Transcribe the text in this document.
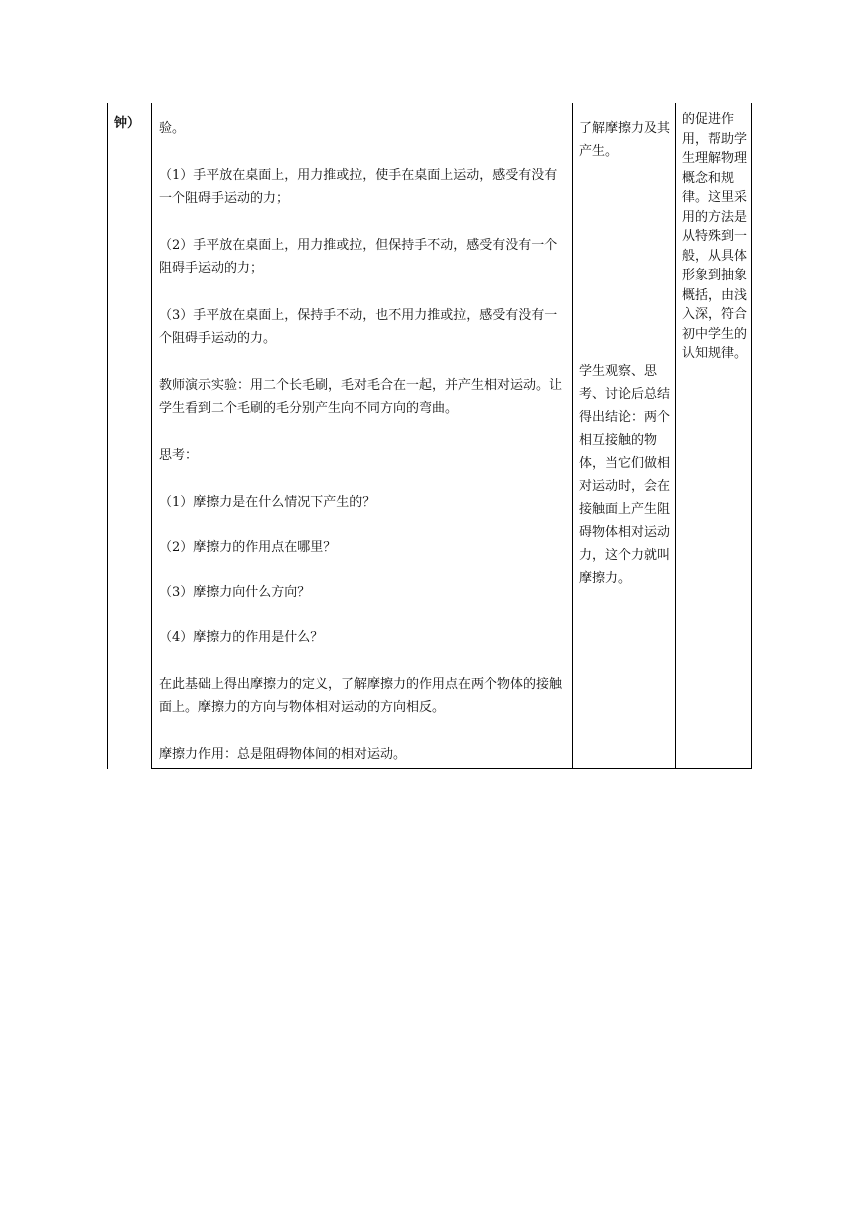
钟）	验。

（1）手平放在桌面上，用力推或拉，使手在桌面上运动，感受有没有一个阻碍手运动的力；

（2）手平放在桌面上，用力推或拉，但保持手不动，感受有没有一个阻碍手运动的力；

（3）手平放在桌面上，保持手不动，也不用力推或拉，感受有没有一个阻碍手运动的力。

教师演示实验：用二个长毛刷，毛对毛合在一起，并产生相对运动。让学生看到二个毛刷的毛分别产生向不同方向的弯曲。

思考：

（1）摩擦力是在什么情况下产生的？

（2）摩擦力的作用点在哪里？

（3）摩擦力向什么方向？

（4）摩擦力的作用是什么？

在此基础上得出摩擦力的定义，了解摩擦力的作用点在两个物体的接触面上。摩擦力的方向与物体相对运动的方向相反。

摩擦力作用：总是阻碍物体间的相对运动。

了解摩擦力及其产生。
学生观察、思考、讨论后总结得出结论：两个相互接触的物体，当它们做相对运动时，会在接触面上产生阻碍物体相对运动力，这个力就叫摩擦力。
的促进作用，帮助学生理解物理概念和规律。这里采用的方法是从特殊到一般，从具体形象到抽象概括，由浅入深，符合初中学生的认知规律。
